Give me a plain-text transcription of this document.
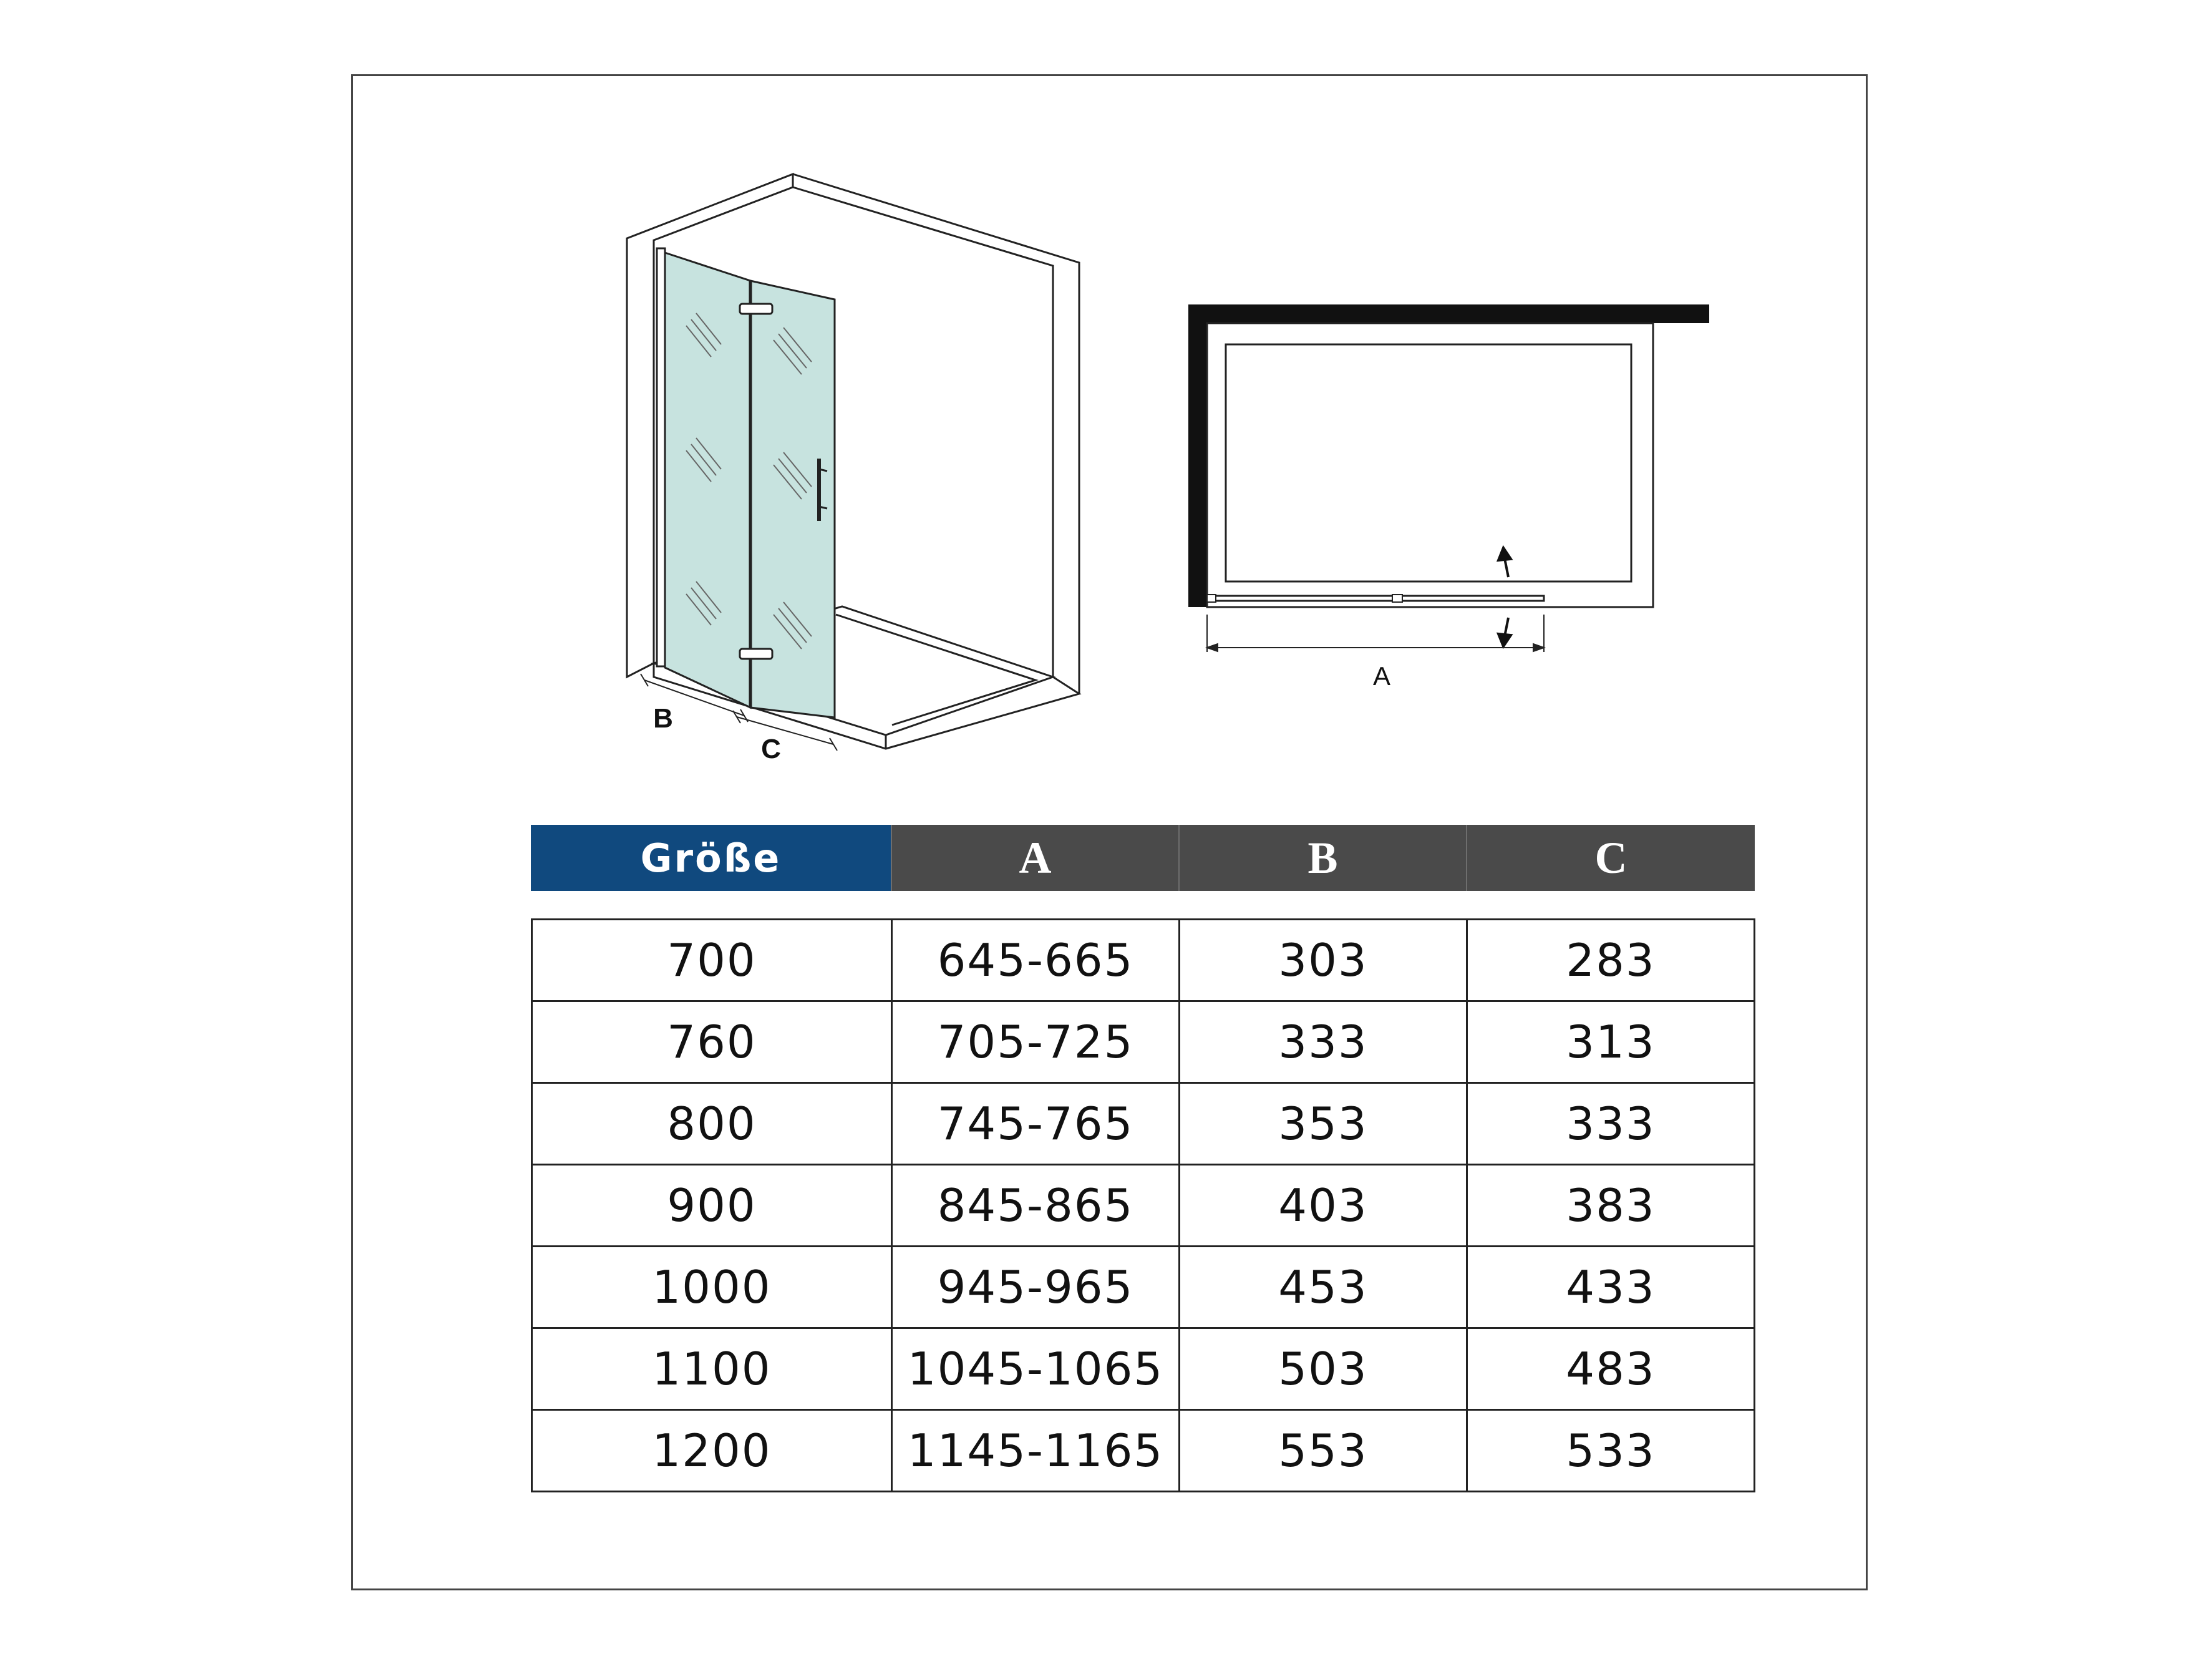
B
C
A
Größe	A	B	C
700	645-665	303	283
760	705-725	333	313
800	745-765	353	333
900	845-865	403	383
1000	945-965	453	433
1100	1045-1065	503	483
1200	1145-1165	553	533
